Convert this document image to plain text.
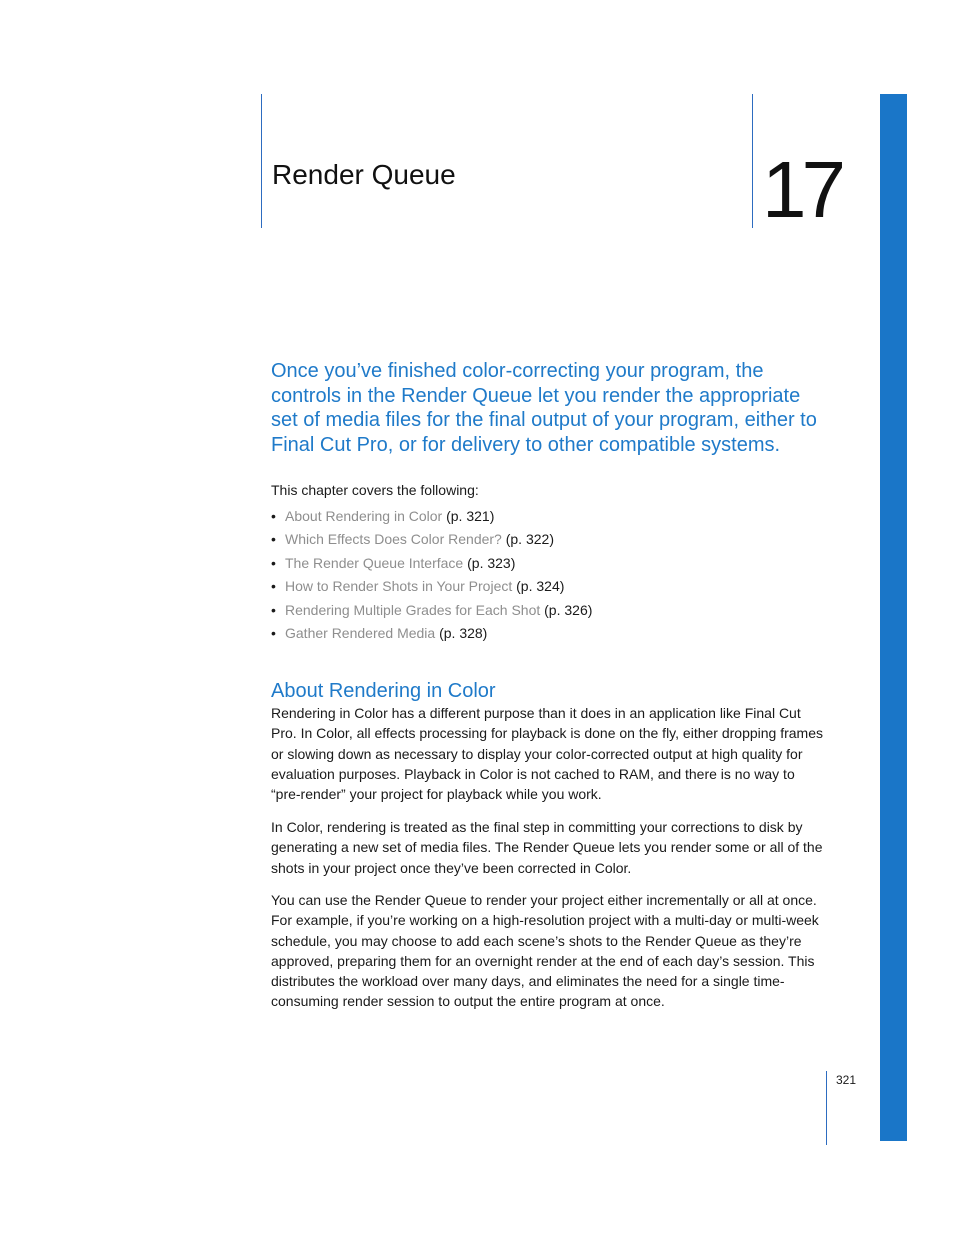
Render Queue	17

Once you’ve finished color-correcting your program, the controls in the Render Queue let you render the appropriate set of media files for the final output of your program, either to Final Cut Pro, or for delivery to other compatible systems.

This chapter covers the following:

• About Rendering in Color (p. 321)
• Which Effects Does Color Render? (p. 322)
• The Render Queue Interface (p. 323)
• How to Render Shots in Your Project (p. 324)
• Rendering Multiple Grades for Each Shot (p. 326)
• Gather Rendered Media (p. 328)
About Rendering in Color

Rendering in Color has a different purpose than it does in an application like Final Cut Pro. In Color, all effects processing for playback is done on the fly, either dropping frames or slowing down as necessary to display your color-corrected output at high quality for evaluation purposes. Playback in Color is not cached to RAM, and there is no way to “pre-render” your project for playback while you work.

In Color, rendering is treated as the final step in committing your corrections to disk by generating a new set of media files. The Render Queue lets you render some or all of the shots in your project once they’ve been corrected in Color.

You can use the Render Queue to render your project either incrementally or all at once. For example, if you’re working on a high-resolution project with a multi-day or multi-week schedule, you may choose to add each scene’s shots to the Render Queue as they’re approved, preparing them for an overnight render at the end of each day’s session. This distributes the workload over many days, and eliminates the need for a single time-consuming render session to output the entire program at once.

321
